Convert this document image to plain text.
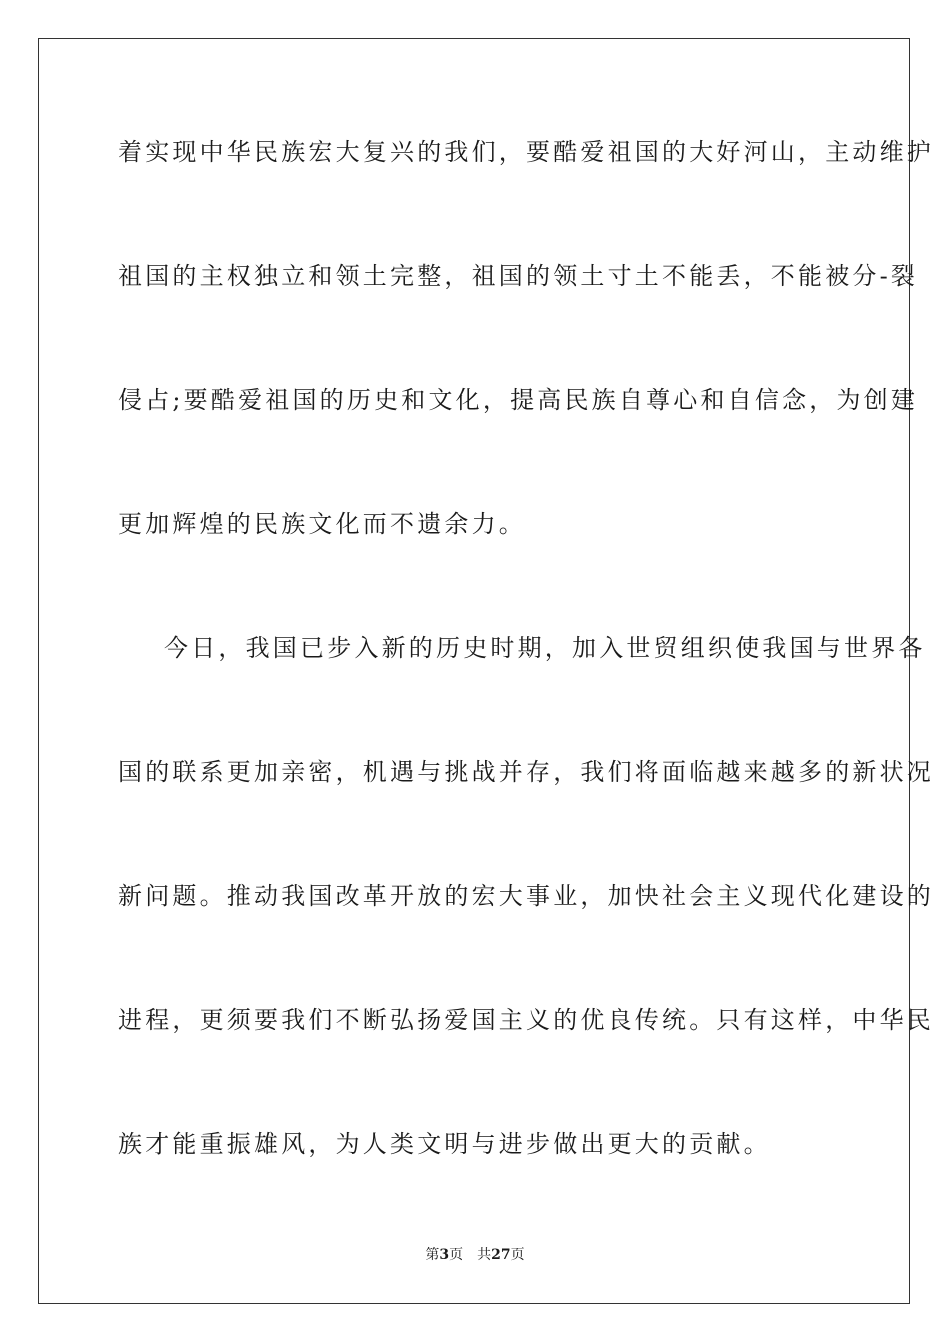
着实现中华民族宏大复兴的我们，要酷爱祖国的大好河山，主动维护
祖国的主权独立和领土完整，祖国的领土寸土不能丢，不能被分-裂
侵占;要酷爱祖国的历史和文化，提高民族自尊心和自信念，为创建
更加辉煌的民族文化而不遗余力。
今日，我国已步入新的历史时期，加入世贸组织使我国与世界各
国的联系更加亲密，机遇与挑战并存，我们将面临越来越多的新状况
新问题。推动我国改革开放的宏大事业，加快社会主义现代化建设的
进程，更须要我们不断弘扬爱国主义的优良传统。只有这样，中华民
族才能重振雄风，为人类文明与进步做出更大的贡献。
第3页 共27页
